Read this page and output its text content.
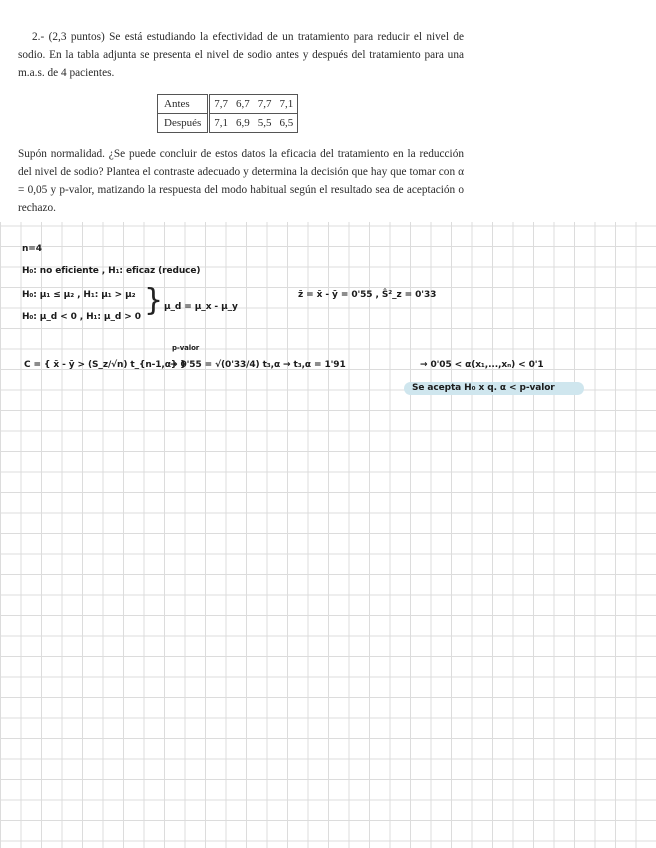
2.- (2,3 puntos) Se está estudiando la efectividad de un tratamiento para reducir el nivel de sodio. En la tabla adjunta se presenta el nivel de sodio antes y después del tratamiento para una m.a.s. de 4 pacientes.
Antes	7,7	6,7	7,7	7,1
Después	7,1	6,9	5,5	6,5
Supón normalidad. ¿Se puede concluir de estos datos la eficacia del tratamiento en la reducción del nivel de sodio? Plantea el contraste adecuado y determina la decisión que hay que tomar con α = 0,05 y p-valor, matizando la respuesta del modo habitual según el resultado sea de aceptación o rechazo.
n=4
H₀: no eficiente , H₁: eficaz (reduce)
H₀: μ₁ ≤ μ₂ , H₁: μ₁ > μ₂
H₀: μ_d < 0 , H₁: μ_d > 0 } μ_d = μ_x - μ_y
z̄ = x̄ - ȳ = 0'55 , Ŝ²_z = 0'33
C = { x̄ - ȳ > (S_z/√n) t_{n-1,α} }
p-valor
→ 0'55 = √(0'33/4) t₃,α → t₃,α = 1'91	→ 0'05 < α(x₁,...,xₙ) < 0'1
Se acepta H₀ x q. α < p-valor
